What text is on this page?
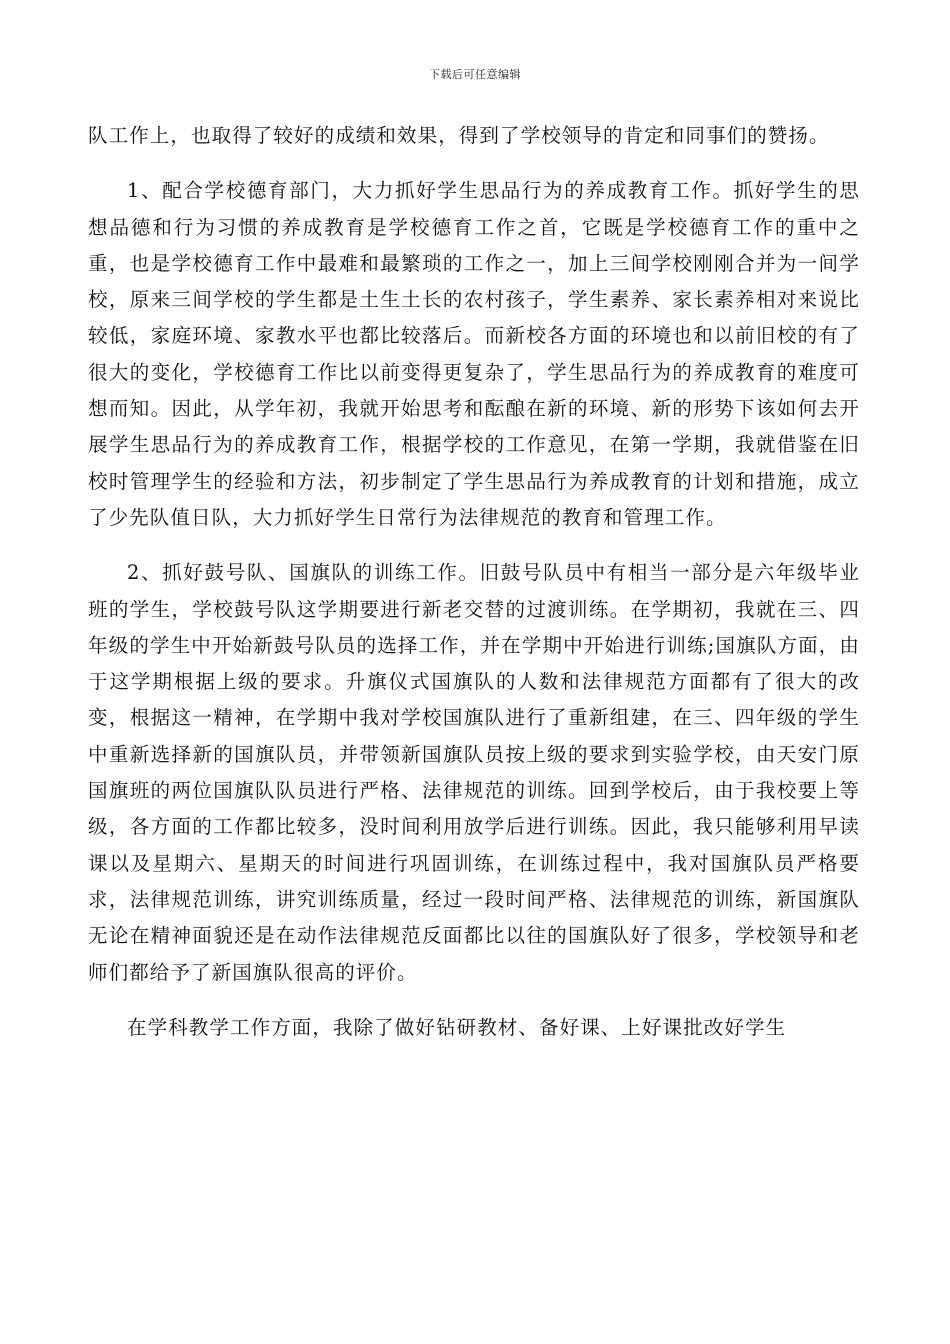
下载后可任意编辑

队工作上，也取得了较好的成绩和效果，得到了学校领导的肯定和同事们的赞扬。

1、配合学校德育部门，大力抓好学生思品行为的养成教育工作。抓好学生的思想品德和行为习惯的养成教育是学校德育工作之首，它既是学校德育工作的重中之重，也是学校德育工作中最难和最繁琐的工作之一，加上三间学校刚刚合并为一间学校，原来三间学校的学生都是土生土长的农村孩子，学生素养、家长素养相对来说比较低，家庭环境、家教水平也都比较落后。而新校各方面的环境也和以前旧校的有了很大的变化，学校德育工作比以前变得更复杂了，学生思品行为的养成教育的难度可想而知。因此，从学年初，我就开始思考和酝酿在新的环境、新的形势下该如何去开展学生思品行为的养成教育工作，根据学校的工作意见，在第一学期，我就借鉴在旧校时管理学生的经验和方法，初步制定了学生思品行为养成教育的计划和措施，成立了少先队值日队，大力抓好学生日常行为法律规范的教育和管理工作。

2、抓好鼓号队、国旗队的训练工作。旧鼓号队员中有相当一部分是六年级毕业班的学生，学校鼓号队这学期要进行新老交替的过渡训练。在学期初，我就在三、四年级的学生中开始新鼓号队员的选择工作，并在学期中开始进行训练;国旗队方面，由于这学期根据上级的要求。升旗仪式国旗队的人数和法律规范方面都有了很大的改变，根据这一精神，在学期中我对学校国旗队进行了重新组建，在三、四年级的学生中重新选择新的国旗队员，并带领新国旗队员按上级的要求到实验学校，由天安门原国旗班的两位国旗队队员进行严格、法律规范的训练。回到学校后，由于我校要上等级，各方面的工作都比较多，没时间利用放学后进行训练。因此，我只能够利用早读课以及星期六、星期天的时间进行巩固训练，在训练过程中，我对国旗队员严格要求，法律规范训练，讲究训练质量，经过一段时间严格、法律规范的训练，新国旗队无论在精神面貌还是在动作法律规范反面都比以往的国旗队好了很多，学校领导和老师们都给予了新国旗队很高的评价。

在学科教学工作方面，我除了做好钻研教材、备好课、上好课批改好学生
